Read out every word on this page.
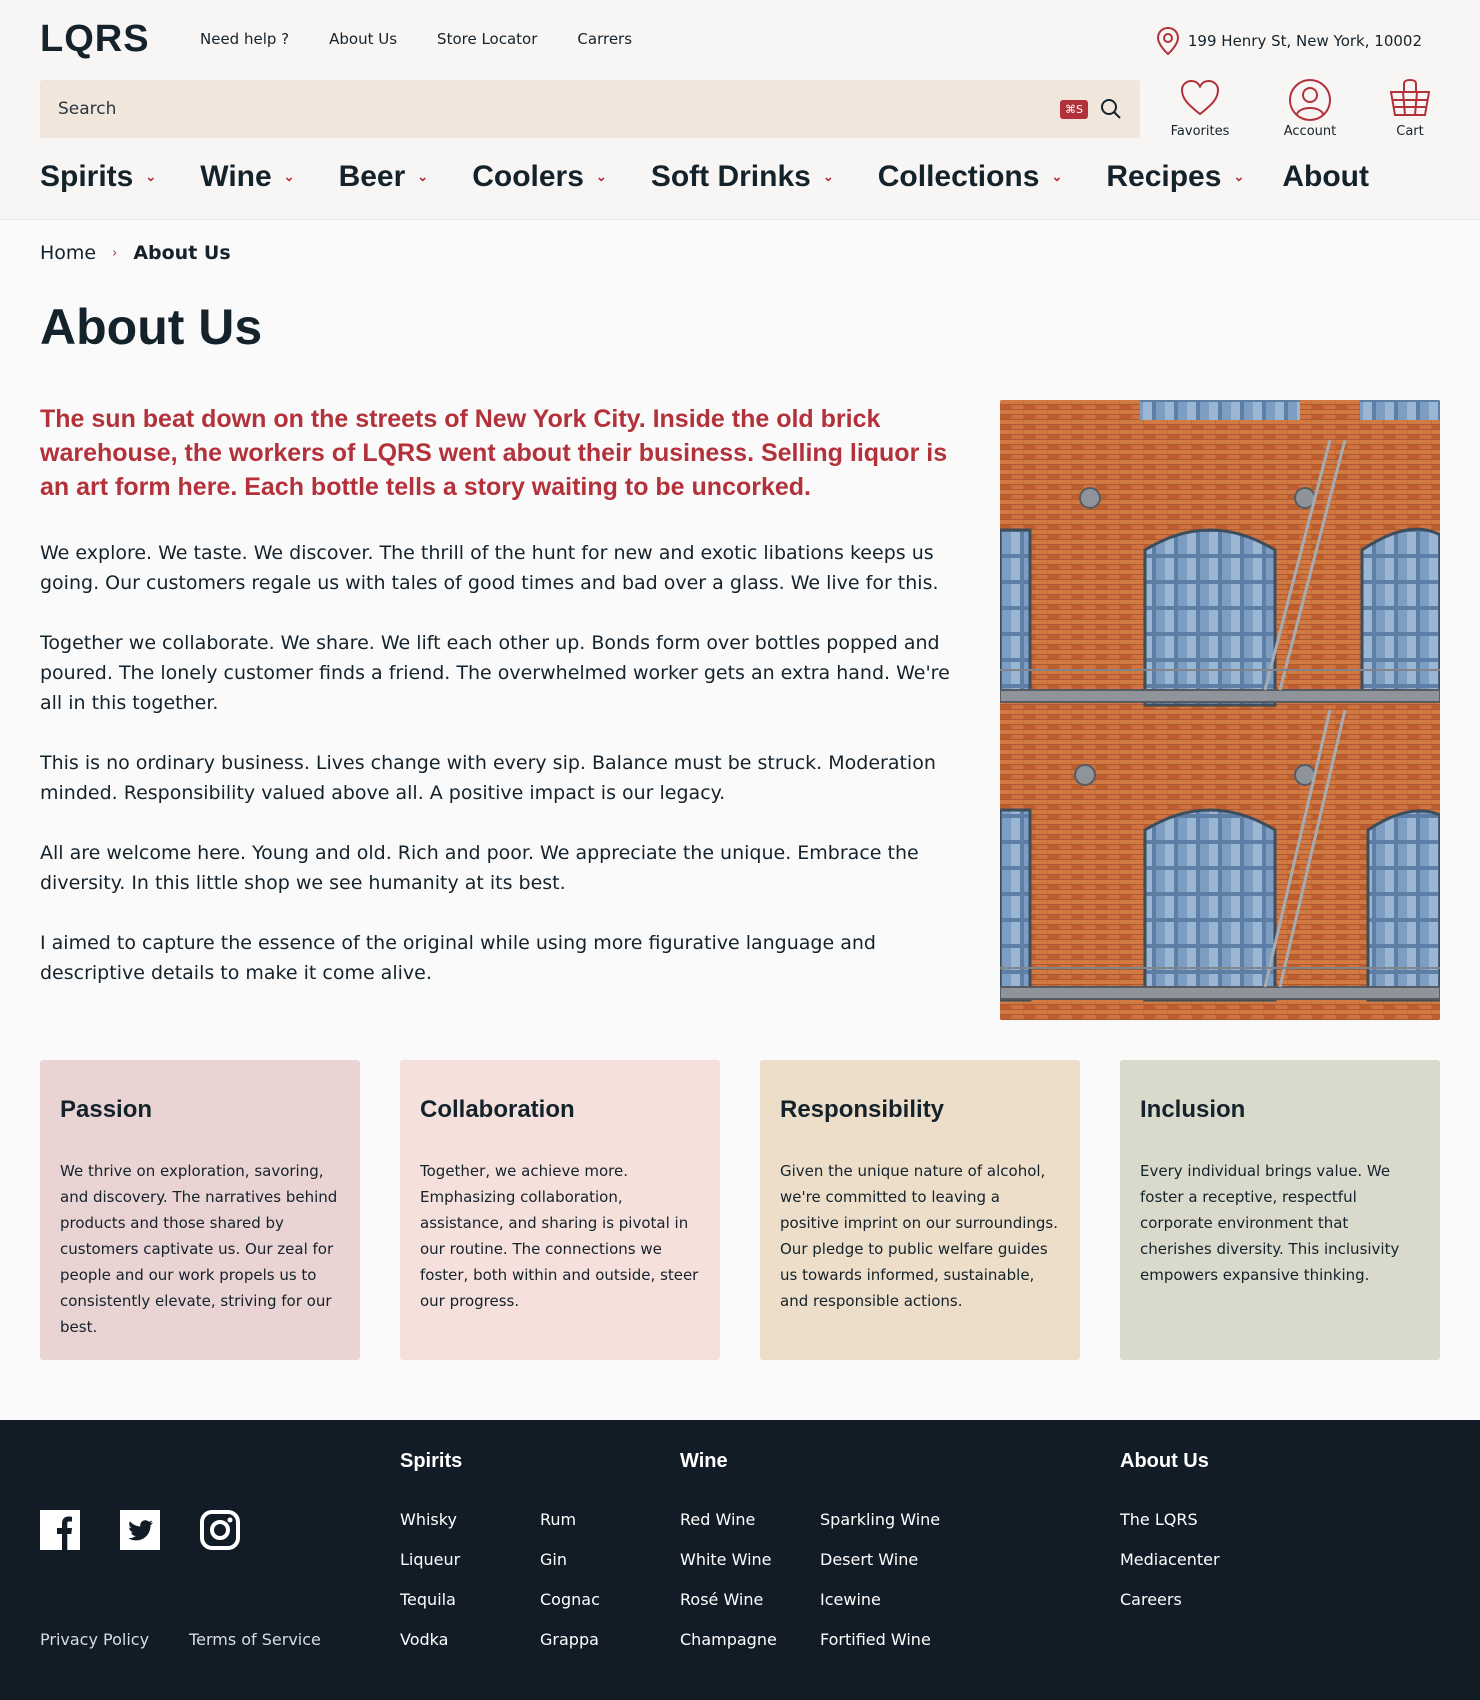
LQRS	Need help ?	About Us	Store Locator	Carrers	199 Henry St, New York, 10002
Search
⌘S
Favorites	Account	Cart
Spirits ⌄ Wine ⌄ Beer ⌄ Coolers ⌄ Soft Drinks ⌄ Collections ⌄ Recipes ⌄ About
Home › About Us
About Us

The sun beat down on the streets of New York City. Inside the old brick warehouse, the workers of LQRS went about their business. Selling liquor is an art form here. Each bottle tells a story waiting to be uncorked.

We explore. We taste. We discover. The thrill of the hunt for new and exotic libations keeps us going. Our customers regale us with tales of good times and bad over a glass. We live for this.

Together we collaborate. We share. We lift each other up. Bonds form over bottles popped and poured. The lonely customer finds a friend. The overwhelmed worker gets an extra hand. We're all in this together.

This is no ordinary business. Lives change with every sip. Balance must be struck. Moderation minded. Responsibility valued above all. A positive impact is our legacy.

All are welcome here. Young and old. Rich and poor. We appreciate the unique. Embrace the diversity. In this little shop we see humanity at its best.

I aimed to capture the essence of the original while using more figurative language and descriptive details to make it come alive.

Passion

We thrive on exploration, savoring, and discovery. The narratives behind products and those shared by customers captivate us. Our zeal for people and our work propels us to consistently elevate, striving for our best.

Collaboration

Together, we achieve more. Emphasizing collaboration, assistance, and sharing is pivotal in our routine. The connections we foster, both within and outside, steer our progress.

Responsibility

Given the unique nature of alcohol, we're committed to leaving a positive imprint on our surroundings. Our pledge to public welfare guides us towards informed, sustainable, and responsible actions.

Inclusion

Every individual brings value. We foster a receptive, respectful corporate environment that cherishes diversity. This inclusivity empowers expansive thinking.

Privacy Policy	Terms of Service
Spirits
Whisky
Liqueur
Tequila
Vodka
Rum
Gin
Cognac
Grappa
Wine
Red Wine
White Wine
Rosé Wine
Champagne
Sparkling Wine
Desert Wine
Icewine
Fortified Wine
About Us
The LQRS
Mediacenter
Careers
